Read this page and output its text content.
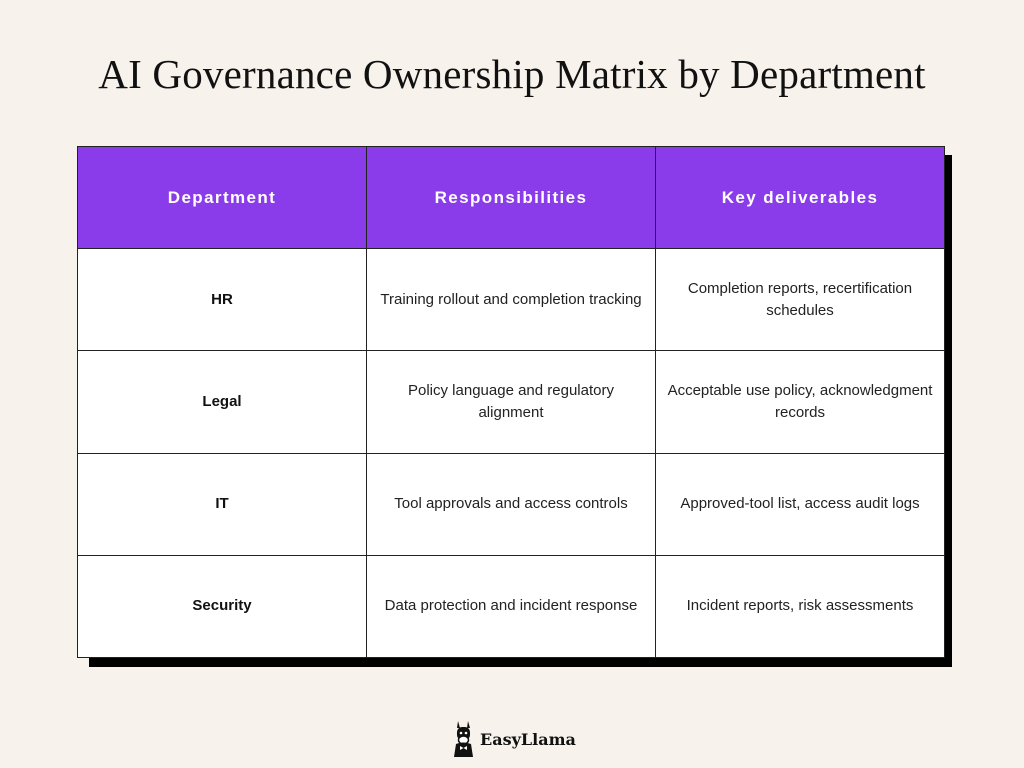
AI Governance Ownership Matrix by Department
Department	Responsibilities	Key deliverables
HR	Training rollout and completion tracking	Completion reports, recertification schedules
Legal	Policy language and regulatory alignment	Acceptable use policy, acknowledgment records
IT	Tool approvals and access controls	Approved-tool list, access audit logs
Security	Data protection and incident response	Incident reports, risk assessments
EasyLlama
